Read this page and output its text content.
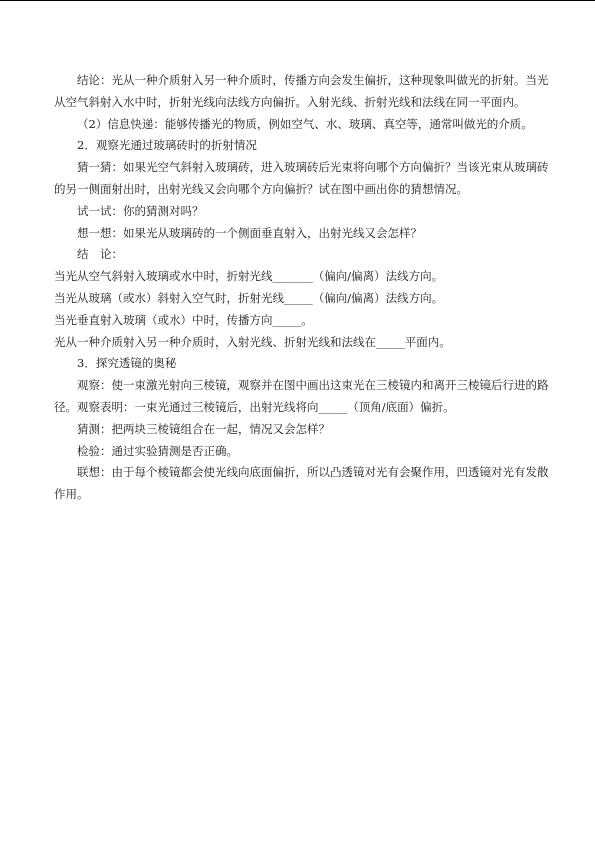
结论：光从一种介质射入另一种介质时，传播方向会发生偏折，这种现象叫做光的折射。当光从空气斜射入水中时，折射光线向法线方向偏折。入射光线、折射光线和法线在同一平面内。

（2）信息快递：能够传播光的物质，例如空气、水、玻璃、真空等，通常叫做光的介质。

2．观察光通过玻璃砖时的折射情况

猜一猜：如果光空气斜射入玻璃砖，进入玻璃砖后光束将向哪个方向偏折？当该光束从玻璃砖的另一侧面射出时，出射光线又会向哪个方向偏折？试在图中画出你的猜想情况。

试一试：你的猜测对吗？

想一想：如果光从玻璃砖的一个侧面垂直射入，出射光线又会怎样？

结　论：

当光从空气斜射入玻璃或水中时，折射光线_______（偏向/偏离）法线方向。

当光从玻璃（或水）斜射入空气时，折射光线_____（偏向/偏离）法线方向。

当光垂直射入玻璃（或水）中时，传播方向_____。

光从一种介质射入另一种介质时，入射光线、折射光线和法线在_____平面内。

3．探究透镜的奥秘

观察：使一束激光射向三棱镜，观察并在图中画出这束光在三棱镜内和离开三棱镜后行进的路径。观察表明：一束光通过三棱镜后，出射光线将向_____（顶角/底面）偏折。

猜测：把两块三棱镜组合在一起，情况又会怎样？

检验：通过实验猜测是否正确。

联想：由于每个棱镜都会使光线向底面偏折，所以凸透镜对光有会聚作用，凹透镜对光有发散作用。
